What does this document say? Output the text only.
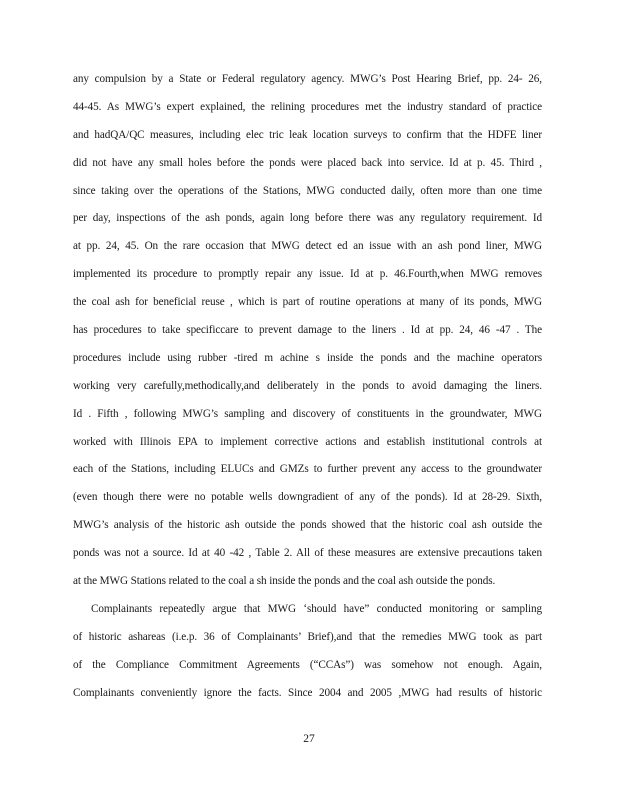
any compulsion by a State or Federal regulatory agency. MWG’s Post Hearing Brief, pp. 24- 26,
44-45. As MWG’s expert explained, the relining procedures met the industry standard of practice
and hadQA/QC measures, including elec tric leak location surveys to confirm that the HDFE liner
did not have any small holes before the ponds were placed back into service. Id at p. 45. Third ,
since taking over the operations of the Stations, MWG conducted daily, often more than one time
per day, inspections of the ash ponds, again long before there was any regulatory requirement. Id
at pp. 24, 45. On the rare occasion that MWG detect ed an issue with an ash pond liner, MWG
implemented its procedure to promptly repair any issue. Id at p. 46.Fourth,when MWG removes
the coal ash for beneficial reuse , which is part of routine operations at many of its ponds, MWG
has procedures to take specificcare to prevent damage to the liners . Id at pp. 24, 46 -47 . The
procedures include using rubber -tired m achine s inside the ponds and the machine operators
working very carefully,methodically,and deliberately in the ponds to avoid damaging the liners.
Id . Fifth , following MWG’s sampling and discovery of constituents in the groundwater, MWG
worked with Illinois EPA to implement corrective actions and establish institutional controls at
each of the Stations, including ELUCs and GMZs to further prevent any access to the groundwater
(even though there were no potable wells downgradient of any of the ponds). Id at 28-29. Sixth,
MWG’s analysis of the historic ash outside the ponds showed that the historic coal ash outside the
ponds was not a source. Id at 40 -42 , Table 2. All of these measures are extensive precautions taken
at the MWG Stations related to the coal a sh inside the ponds and the coal ash outside the ponds.
Complainants repeatedly argue that MWG ‘should have” conducted monitoring or sampling
of historic ashareas (i.e.p. 36 of Complainants’ Brief),and that the remedies MWG took as part
of the Compliance Commitment Agreements (“CCAs”) was somehow not enough. Again,
Complainants conveniently ignore the facts. Since 2004 and 2005 ,MWG had results of historic
27
